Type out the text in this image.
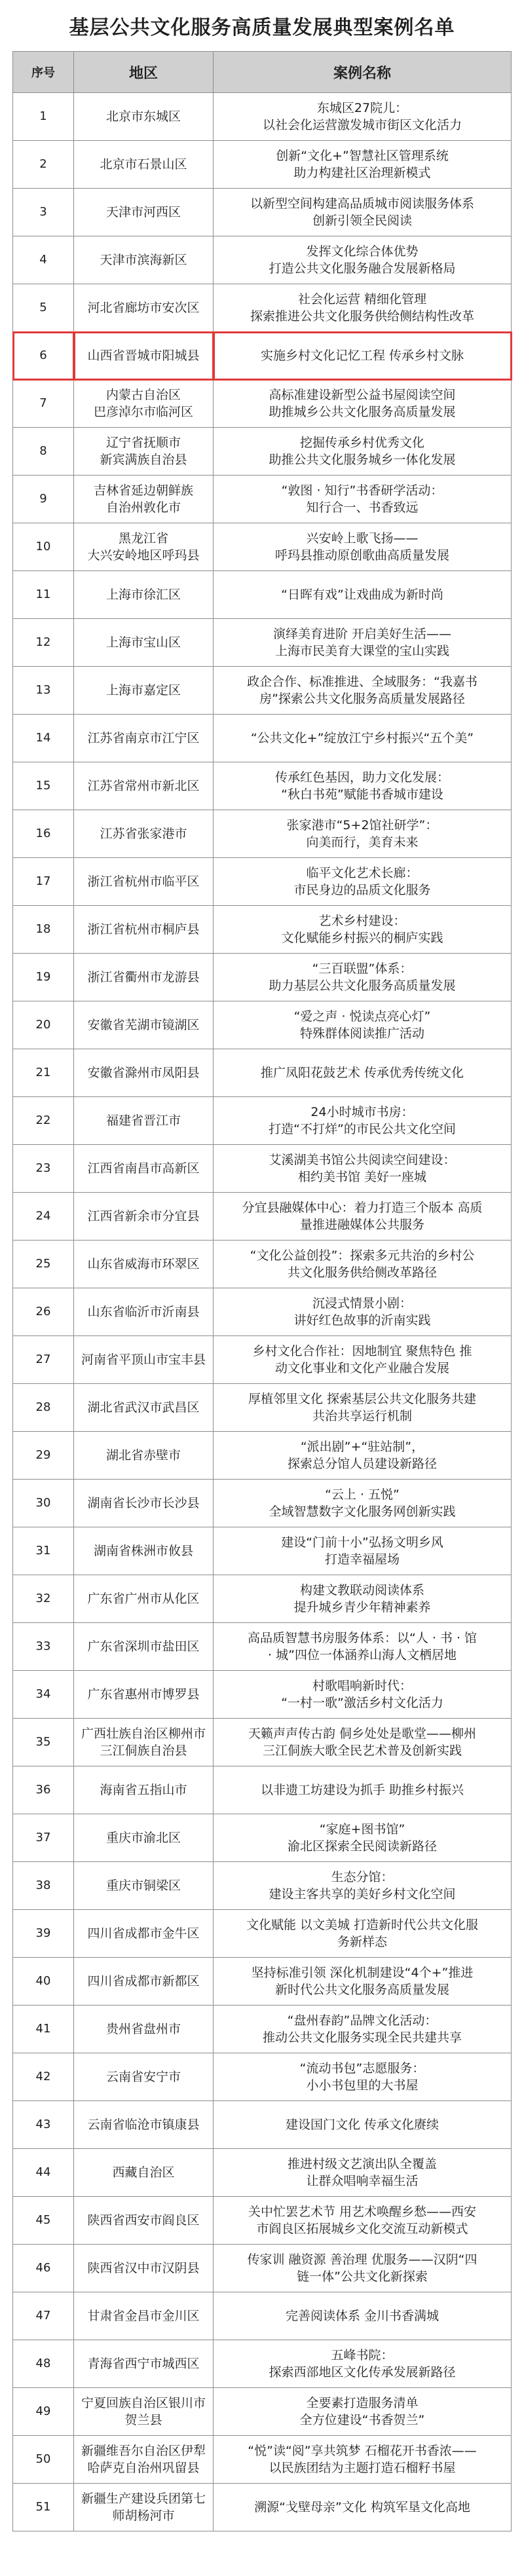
基层公共文化服务高质量发展典型案例名单
序号	地区	案例名称
1	北京市东城区	东城区27院儿：
以社会化运营激发城市街区文化活力
2	北京市石景山区	创新“文化+”智慧社区管理系统
助力构建社区治理新模式
3	天津市河西区	以新型空间构建高品质城市阅读服务体系
创新引领全民阅读
4	天津市滨海新区	发挥文化综合体优势
打造公共文化服务融合发展新格局
5	河北省廊坊市安次区	社会化运营 精细化管理
探索推进公共文化服务供给侧结构性改革
6	山西省晋城市阳城县	实施乡村文化记忆工程 传承乡村文脉
7	内蒙古自治区
巴彦淖尔市临河区	高标准建设新型公益书屋阅读空间
助推城乡公共文化服务高质量发展
8	辽宁省抚顺市
新宾满族自治县	挖掘传承乡村优秀文化
助推公共文化服务城乡一体化发展
9	吉林省延边朝鲜族
自治州敦化市	“敦图 · 知行”书香研学活动：
知行合一、书香致远
10	黑龙江省
大兴安岭地区呼玛县	兴安岭上歌飞扬——
呼玛县推动原创歌曲高质量发展
11	上海市徐汇区	“日晖有戏”让戏曲成为新时尚
12	上海市宝山区	演绎美育进阶 开启美好生活——
上海市民美育大课堂的宝山实践
13	上海市嘉定区	政企合作、标准推进、全域服务：“我嘉书
房”探索公共文化服务高质量发展路径
14	江苏省南京市江宁区	“公共文化+”绽放江宁乡村振兴“五个美”
15	江苏省常州市新北区	传承红色基因，助力文化发展：
“秋白书苑”赋能书香城市建设
16	江苏省张家港市	张家港市“5+2馆社研学”：
向美而行，美育未来
17	浙江省杭州市临平区	临平文化艺术长廊：
市民身边的品质文化服务
18	浙江省杭州市桐庐县	艺术乡村建设：
文化赋能乡村振兴的桐庐实践
19	浙江省衢州市龙游县	“三百联盟”体系：
助力基层公共文化服务高质量发展
20	安徽省芜湖市镜湖区	“爱之声 · 悦读点亮心灯”
特殊群体阅读推广活动
21	安徽省滁州市凤阳县	推广凤阳花鼓艺术 传承优秀传统文化
22	福建省晋江市	24小时城市书房：
打造“不打烊”的市民公共文化空间
23	江西省南昌市高新区	艾溪湖美书馆公共阅读空间建设：
相约美书馆 美好一座城
24	江西省新余市分宜县	分宜县融媒体中心：着力打造三个版本 高质
量推进融媒体公共服务
25	山东省威海市环翠区	“文化公益创投”：探索多元共治的乡村公
共文化服务供给侧改革路径
26	山东省临沂市沂南县	沉浸式情景小剧：
讲好红色故事的沂南实践
27	河南省平顶山市宝丰县	乡村文化合作社：因地制宜 聚焦特色 推
动文化事业和文化产业融合发展
28	湖北省武汉市武昌区	厚植邻里文化 探索基层公共文化服务共建
共治共享运行机制
29	湖北省赤壁市	“派出剧”+“驻站制”，
探索总分馆人员建设新路径
30	湖南省长沙市长沙县	“云上 · 五悦”
全域智慧数字文化服务网创新实践
31	湖南省株洲市攸县	建设“门前十小”弘扬文明乡风
打造幸福屋场
32	广东省广州市从化区	构建文教联动阅读体系
提升城乡青少年精神素养
33	广东省深圳市盐田区	高品质智慧书房服务体系：以“人 · 书 · 馆
· 城”四位一体涵养山海人文栖居地
34	广东省惠州市博罗县	村歌唱响新时代：
“一村一歌”激活乡村文化活力
35	广西壮族自治区柳州市
三江侗族自治县	天籁声声传古韵 侗乡处处是歌堂——柳州
三江侗族大歌全民艺术普及创新实践
36	海南省五指山市	以非遗工坊建设为抓手 助推乡村振兴
37	重庆市渝北区	“家庭+图书馆”
渝北区探索全民阅读新路径
38	重庆市铜梁区	生态分馆：
建设主客共享的美好乡村文化空间
39	四川省成都市金牛区	文化赋能 以文美城 打造新时代公共文化服
务新样态
40	四川省成都市新都区	坚持标准引领 深化机制建设“4个+”推进
新时代公共文化服务高质量发展
41	贵州省盘州市	“盘州春韵”品牌文化活动：
推动公共文化服务实现全民共建共享
42	云南省安宁市	“流动书包”志愿服务：
小小书包里的大书屋
43	云南省临沧市镇康县	建设国门文化 传承文化赓续
44	西藏自治区	推进村级文艺演出队全覆盖
让群众唱响幸福生活
45	陕西省西安市阎良区	关中忙罢艺术节 用艺术唤醒乡愁——西安
市阎良区拓展城乡文化交流互动新模式
46	陕西省汉中市汉阴县	传家训 融资源 善治理 优服务——汉阴“四
链一体”公共文化新探索
47	甘肃省金昌市金川区	完善阅读体系 金川书香满城
48	青海省西宁市城西区	五峰书院：
探索西部地区文化传承发展新路径
49	宁夏回族自治区银川市
贺兰县	全要素打造服务清单
全方位建设“书香贺兰”
50	新疆维吾尔自治区伊犁
哈萨克自治州巩留县	“悦”读“阅”享共筑梦 石榴花开书香浓——
以民族团结为主题打造石榴籽书屋
51	新疆生产建设兵团第七
师胡杨河市	溯源“戈壁母亲”文化 构筑军垦文化高地
